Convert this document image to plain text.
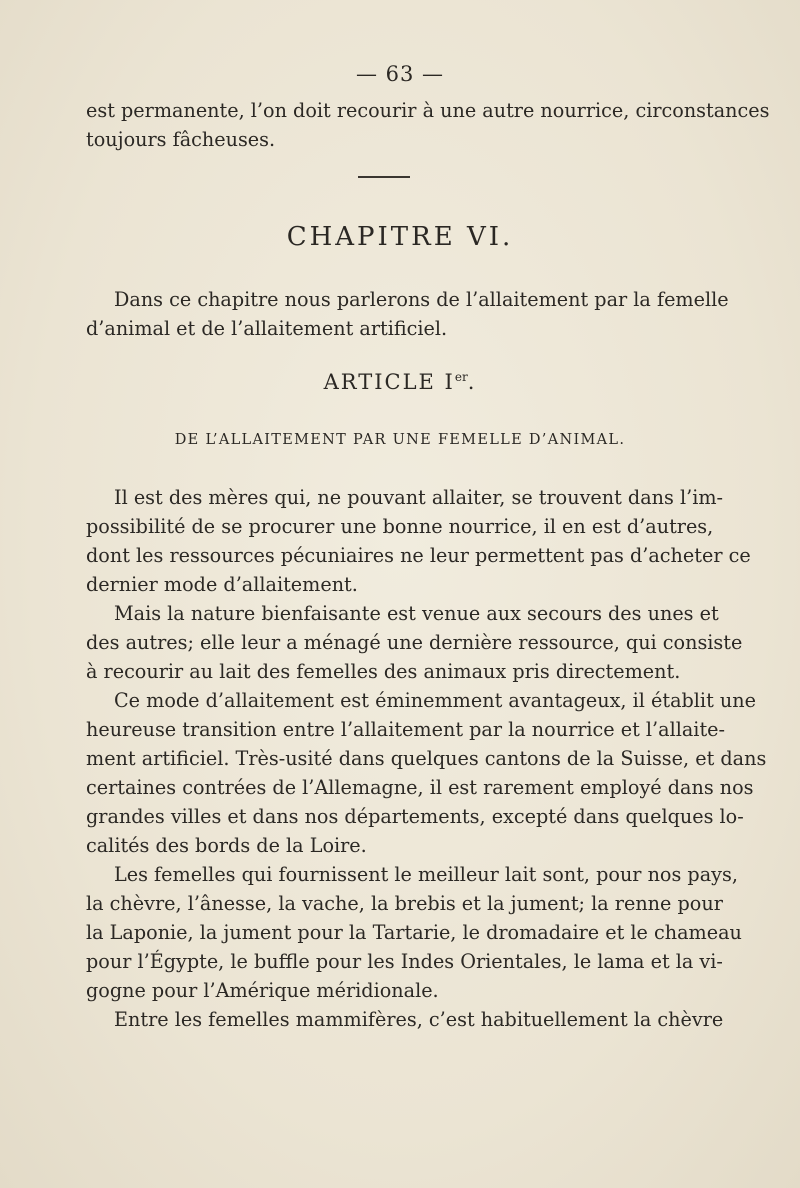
— 63 —
est permanente, l’on doit recourir à une autre nourrice, circonstances
toujours fâcheuses.
CHAPITRE VI.
Dans ce chapitre nous parlerons de l’allaitement par la femelle
d’animal et de l’allaitement artificiel.
ARTICLE Ier.
DE L’ALLAITEMENT PAR UNE FEMELLE D’ANIMAL.
Il est des mères qui, ne pouvant allaiter, se trouvent dans l’im-
possibilité de se procurer une bonne nourrice, il en est d’autres,
dont les ressources pécuniaires ne leur permettent pas d’acheter ce
dernier mode d’allaitement.
Mais la nature bienfaisante est venue aux secours des unes et
des autres; elle leur a ménagé une dernière ressource, qui consiste
à recourir au lait des femelles des animaux pris directement.
Ce mode d’allaitement est éminemment avantageux, il établit une
heureuse transition entre l’allaitement par la nourrice et l’allaite-
ment artificiel. Très-usité dans quelques cantons de la Suisse, et dans
certaines contrées de l’Allemagne, il est rarement employé dans nos
grandes villes et dans nos départements, excepté dans quelques lo-
calités des bords de la Loire.
Les femelles qui fournissent le meilleur lait sont, pour nos pays,
la chèvre, l’ânesse, la vache, la brebis et la jument; la renne pour
la Laponie, la jument pour la Tartarie, le dromadaire et le chameau
pour l’Égypte, le buffle pour les Indes Orientales, le lama et la vi-
gogne pour l’Amérique méridionale.
Entre les femelles mammifères, c’est habituellement la chèvre
